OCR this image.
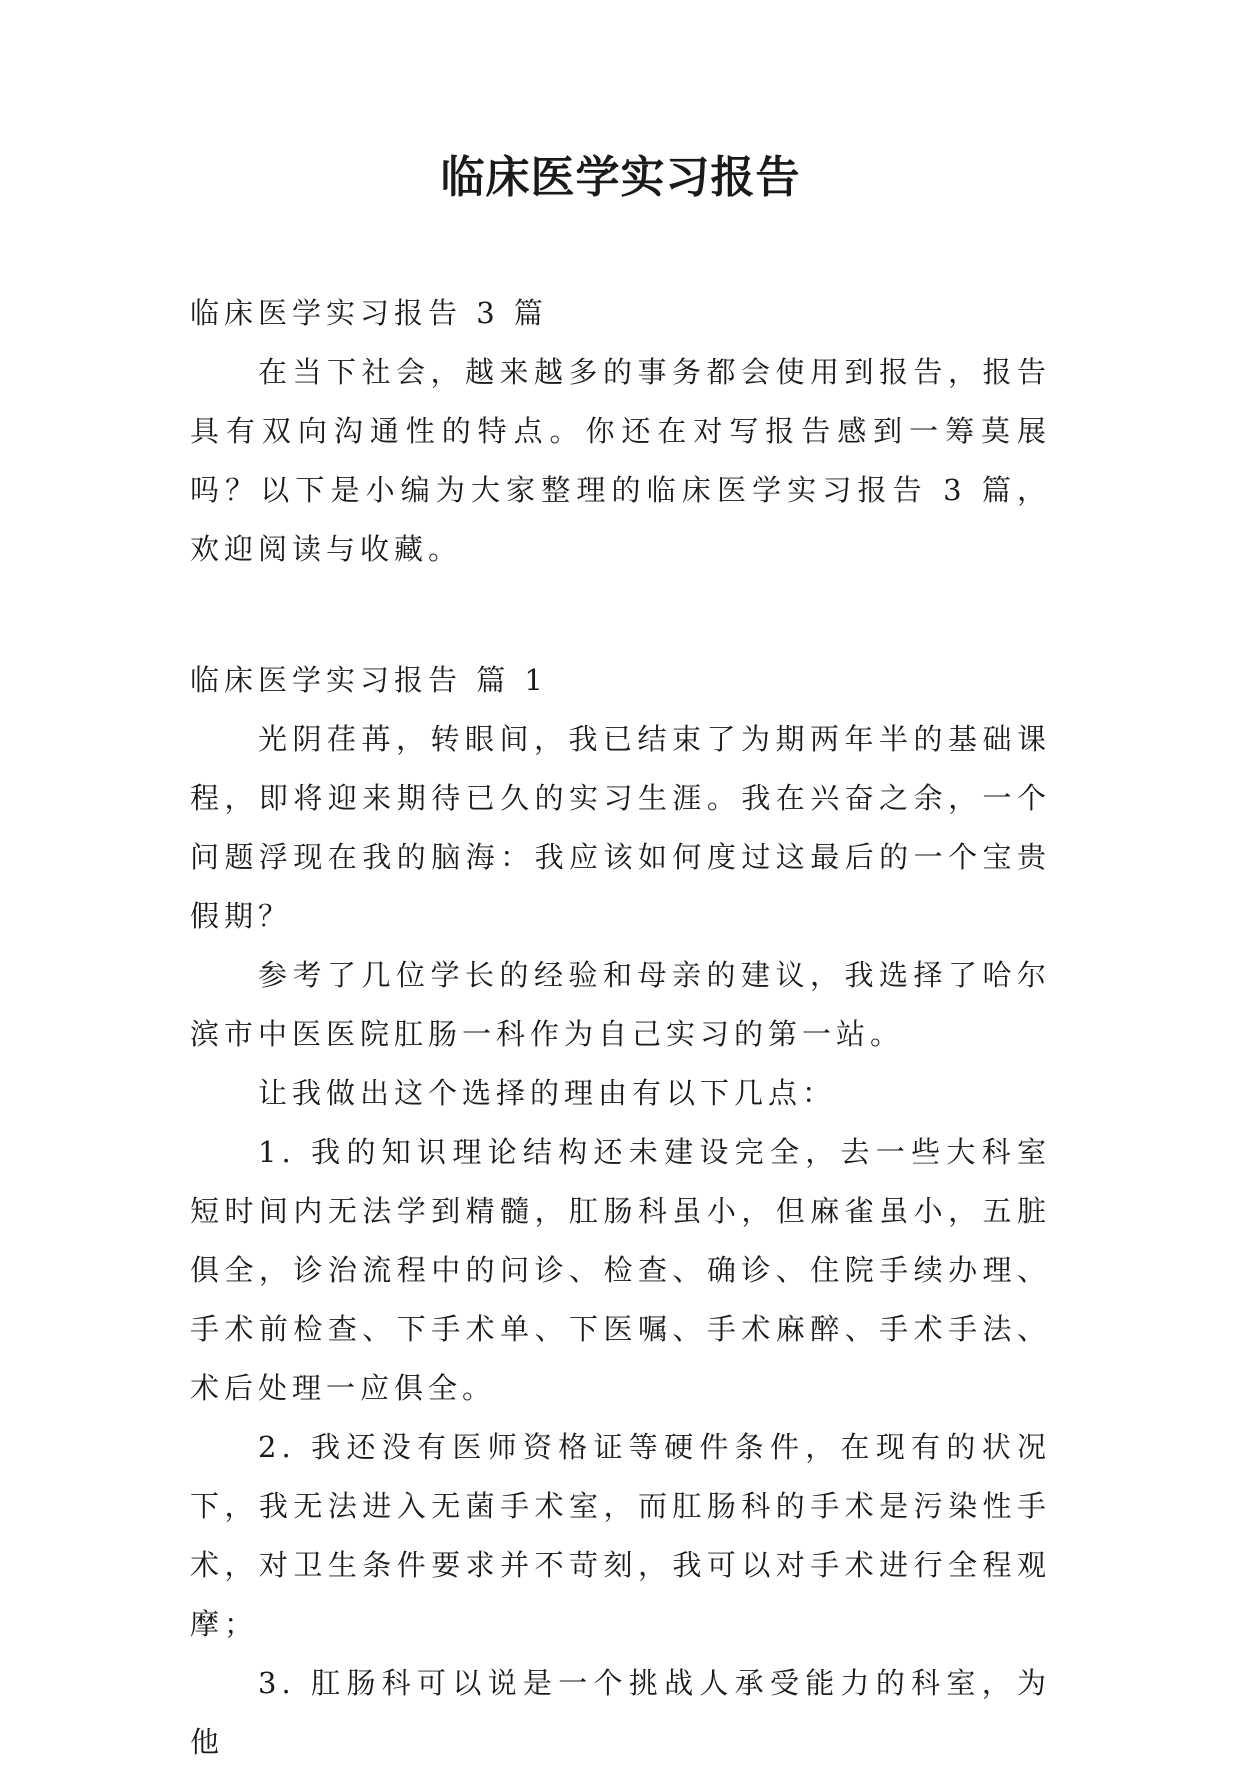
临床医学实习报告

临床医学实习报告 3 篇

在当下社会，越来越多的事务都会使用到报告，报告具有双向沟通性的特点。你还在对写报告感到一筹莫展吗？以下是小编为大家整理的临床医学实习报告 3 篇，欢迎阅读与收藏。

临床医学实习报告 篇 1

光阴荏苒，转眼间，我已结束了为期两年半的基础课程，即将迎来期待已久的实习生涯。我在兴奋之余，一个问题浮现在我的脑海：我应该如何度过这最后的一个宝贵假期？

参考了几位学长的经验和母亲的建议，我选择了哈尔滨市中医医院肛肠一科作为自己实习的第一站。

让我做出这个选择的理由有以下几点：

1. 我的知识理论结构还未建设完全，去一些大科室短时间内无法学到精髓，肛肠科虽小，但麻雀虽小，五脏俱全，诊治流程中的问诊、检查、确诊、住院手续办理、手术前检查、下手术单、下医嘱、手术麻醉、手术手法、术后处理一应俱全。

2. 我还没有医师资格证等硬件条件，在现有的状况下，我无法进入无菌手术室，而肛肠科的手术是污染性手术，对卫生条件要求并不苛刻，我可以对手术进行全程观摩；

3. 肛肠科可以说是一个挑战人承受能力的科室，为他
